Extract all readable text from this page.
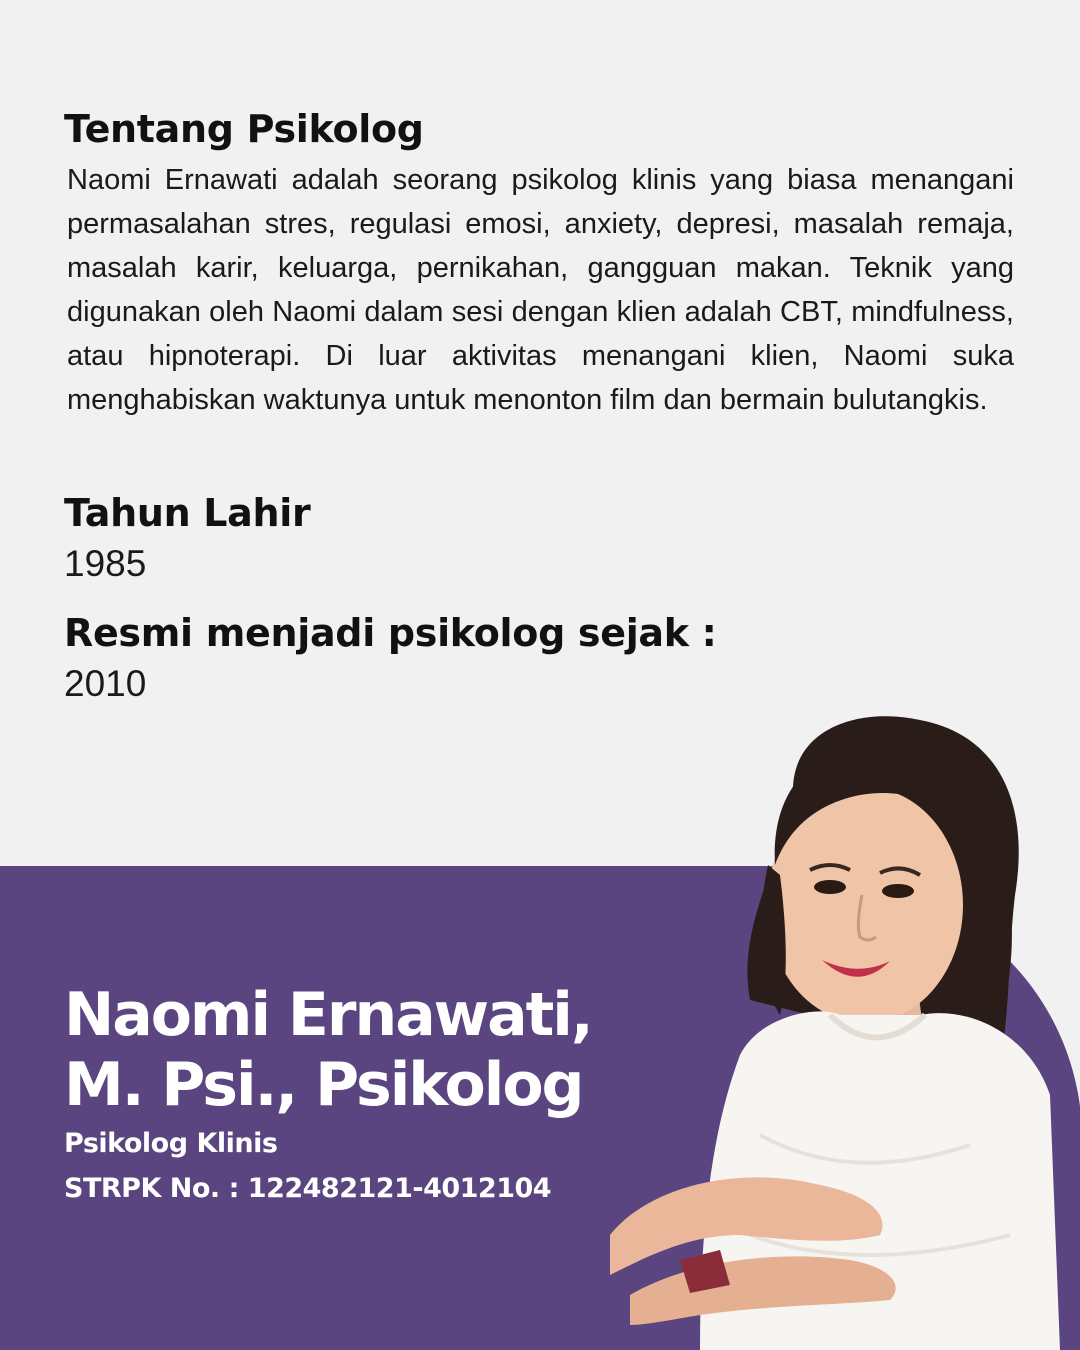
Tentang Psikolog

Naomi Ernawati adalah seorang psikolog klinis yang biasa menangani permasalahan stres, regulasi emosi, anxiety, depresi, masalah remaja, masalah karir, keluarga, pernikahan, gangguan makan. Teknik yang digunakan oleh Naomi dalam sesi dengan klien adalah CBT, mindfulness, atau hipnoterapi. Di luar aktivitas menangani klien, Naomi suka menghabiskan waktunya untuk menonton film dan bermain bulutangkis.

Tahun Lahir

1985

Resmi menjadi psikolog sejak :

2010

Naomi Ernawati,
M. Psi., Psikolog

Psikolog Klinis

STRPK No. : 122482121-4012104
